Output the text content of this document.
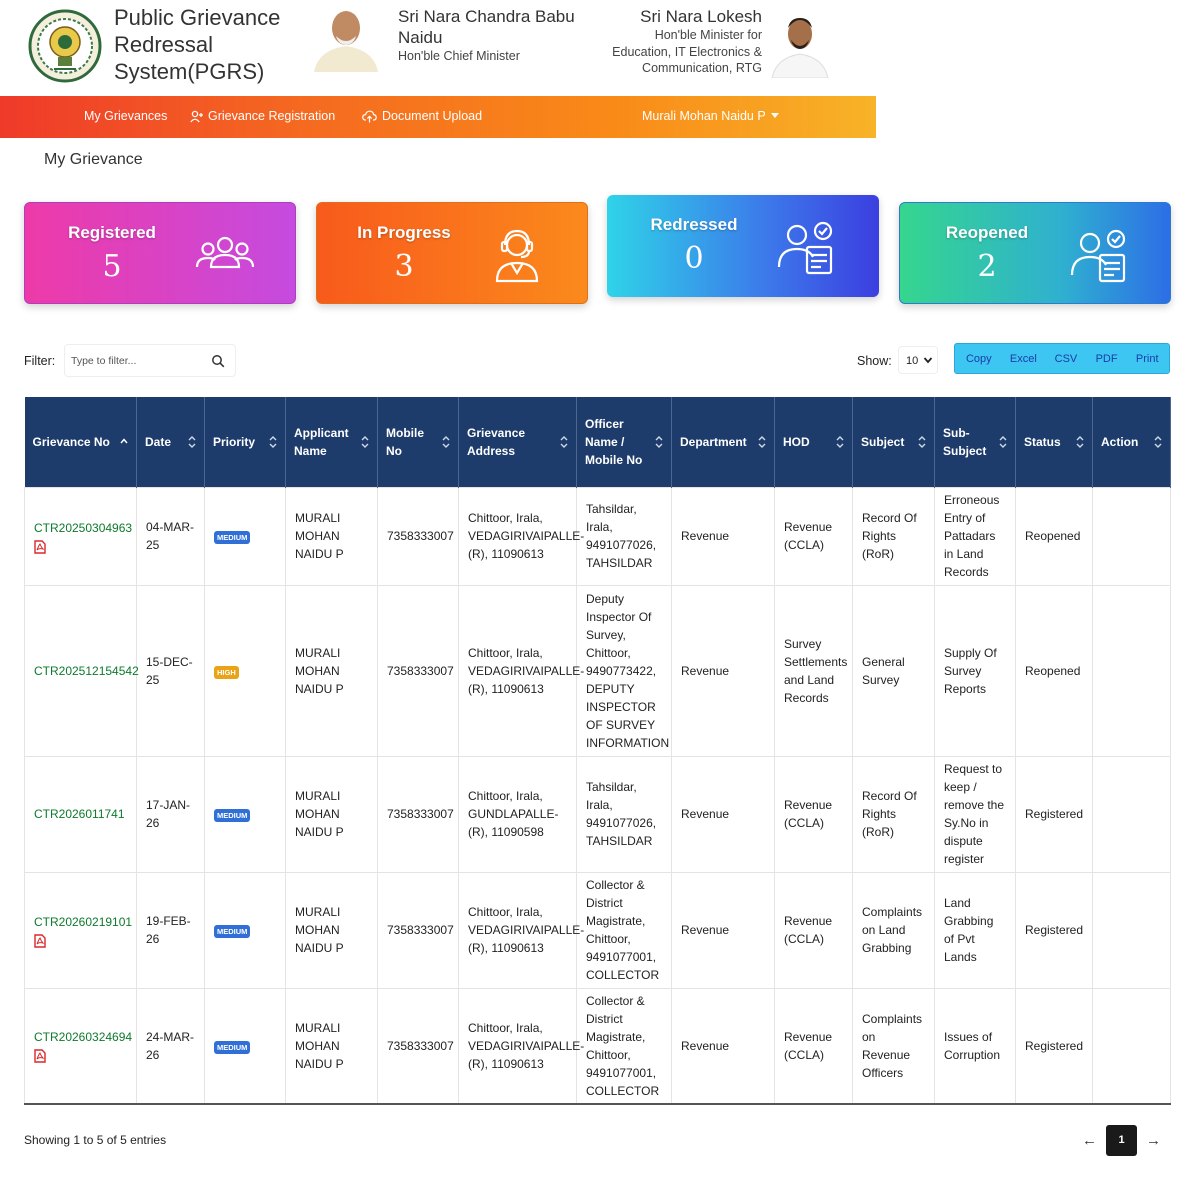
Public Grievance Redressal System(PGRS)
Sri Nara Chandra Babu Naidu
Hon'ble Chief Minister
Sri Nara Lokesh
Hon'ble Minister for Education, IT Electronics & Communication, RTG
My Grievances	Grievance Registration	Document Upload	Murali Mohan Naidu P
My Grievance
Registered
5
In Progress
3
Redressed
0
Reopened
2
Filter:
Type to filter...	Show:	10	Copy	Excel	CSV	PDF	Print
Grievance No	Date	Priority	Applicant Name	Mobile No	Grievance Address	Officer Name / Mobile No	Department	HOD	Subject	Sub-Subject	Status	Action

CTR20250304963	04-MAR-25	MEDIUM	MURALI MOHAN NAIDU P	7358333007	Chittoor, Irala, VEDAGIRIVAIPALLE-(R), 11090613	Tahsildar, Irala, 9491077026, TAHSILDAR	Revenue	Revenue (CCLA)	Record Of Rights (RoR)	Erroneous Entry of Pattadars in Land Records	Reopened	
CTR202512154542	15-DEC-25	HIGH	MURALI MOHAN NAIDU P	7358333007	Chittoor, Irala, VEDAGIRIVAIPALLE-(R), 11090613	Deputy Inspector Of Survey, Chittoor, 9490773422, DEPUTY INSPECTOR OF SURVEY INFORMATION	Revenue	Survey Settlements and Land Records	General Survey	Supply Of Survey Reports	Reopened	
CTR2026011741	17-JAN-26	MEDIUM	MURALI MOHAN NAIDU P	7358333007	Chittoor, Irala, GUNDLAPALLE-(R), 11090598	Tahsildar, Irala, 9491077026, TAHSILDAR	Revenue	Revenue (CCLA)	Record Of Rights (RoR)	Request to keep / remove the Sy.No in dispute register	Registered	
CTR20260219101	19-FEB-26	MEDIUM	MURALI MOHAN NAIDU P	7358333007	Chittoor, Irala, VEDAGIRIVAIPALLE-(R), 11090613	Collector & District Magistrate, Chittoor, 9491077001, COLLECTOR	Revenue	Revenue (CCLA)	Complaints on Land Grabbing	Land Grabbing of Pvt Lands	Registered	
CTR20260324694	24-MAR-26	MEDIUM	MURALI MOHAN NAIDU P	7358333007	Chittoor, Irala, VEDAGIRIVAIPALLE-(R), 11090613	Collector & District Magistrate, Chittoor, 9491077001, COLLECTOR	Revenue	Revenue (CCLA)	Complaints on Revenue Officers	Issues of Corruption	Registered	
Showing 1 to 5 of 5 entries	←	1	→
